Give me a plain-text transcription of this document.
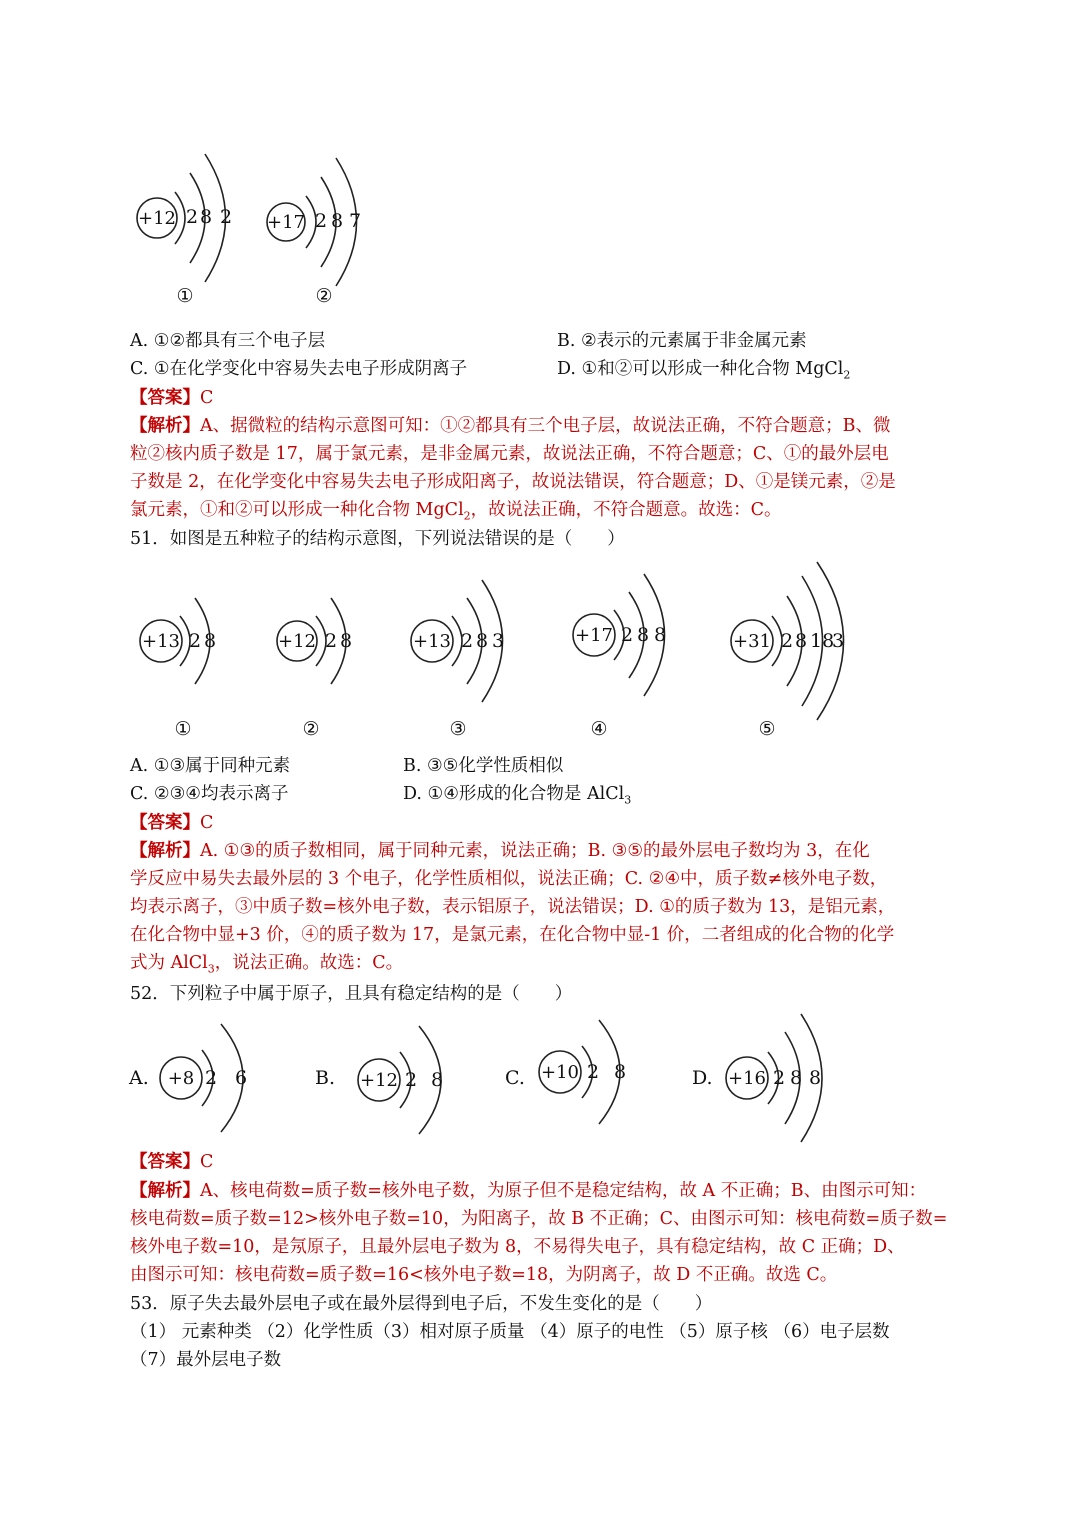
+12 2 8 2
①
+17 2 8 7
②
A. ①②都具有三个电子层	B. ②表示的元素属于非金属元素
C. ①在化学变化中容易失去电子形成阴离子	D. ①和②可以形成一种化合物 MgCl$_2$
【答案】C
【解析】A、据微粒的结构示意图可知：①②都具有三个电子层，故说法正确，不符合题意；B、微
粒②核内质子数是 17，属于氯元素，是非金属元素，故说法正确，不符合题意；C、①的最外层电
子数是 2，在化学变化中容易失去电子形成阳离子，故说法错误，符合题意；D、①是镁元素，②是
氯元素，①和②可以形成一种化合物 MgCl$_2$，故说法正确，不符合题意。故选：C。
51．如图是五种粒子的结构示意图，下列说法错误的是（　　）
+13 2 8
①
+12 2 8
②
+13 2 8 3
③
+17 2 8 8
④
+31 2 8 18
3
⑤
A. ①③属于同种元素	B. ③⑤化学性质相似
C. ②③④均表示离子	D. ①④形成的化合物是 AlCl$_3$
【答案】C
【解析】A. ①③的质子数相同，属于同种元素，说法正确；B. ③⑤的最外层电子数均为 3，在化
学反应中易失去最外层的 3 个电子，化学性质相似，说法正确；C. ②④中，质子数≠核外电子数，
均表示离子，③中质子数=核外电子数，表示铝原子，说法错误；D. ①的质子数为 13，是铝元素，
在化合物中显+3 价，④的质子数为 17，是氯元素，在化合物中显-1 价，二者组成的化合物的化学
式为 AlCl$_3$，说法正确。故选：C。
52．下列粒子中属于原子，且具有稳定结构的是（　　）
A. +8 2 6	B. +12 2 8	C. +10 2 8	D. +16 2 8 8
【答案】C
【解析】A、核电荷数=质子数=核外电子数，为原子但不是稳定结构，故 A 不正确；B、由图示可知：
核电荷数=质子数=12>核外电子数=10，为阳离子，故 B 不正确；C、由图示可知：核电荷数=质子数=
核外电子数=10，是氖原子，且最外层电子数为 8，不易得失电子，具有稳定结构，故 C 正确；D、
由图示可知：核电荷数=质子数=16<核外电子数=18，为阴离子，故 D 不正确。故选 C。
53．原子失去最外层电子或在最外层得到电子后，不发生变化的是（　　）
（1） 元素种类 （2）化学性质（3）相对原子质量 （4）原子的电性 （5）原子核 （6）电子层数
（7）最外层电子数
